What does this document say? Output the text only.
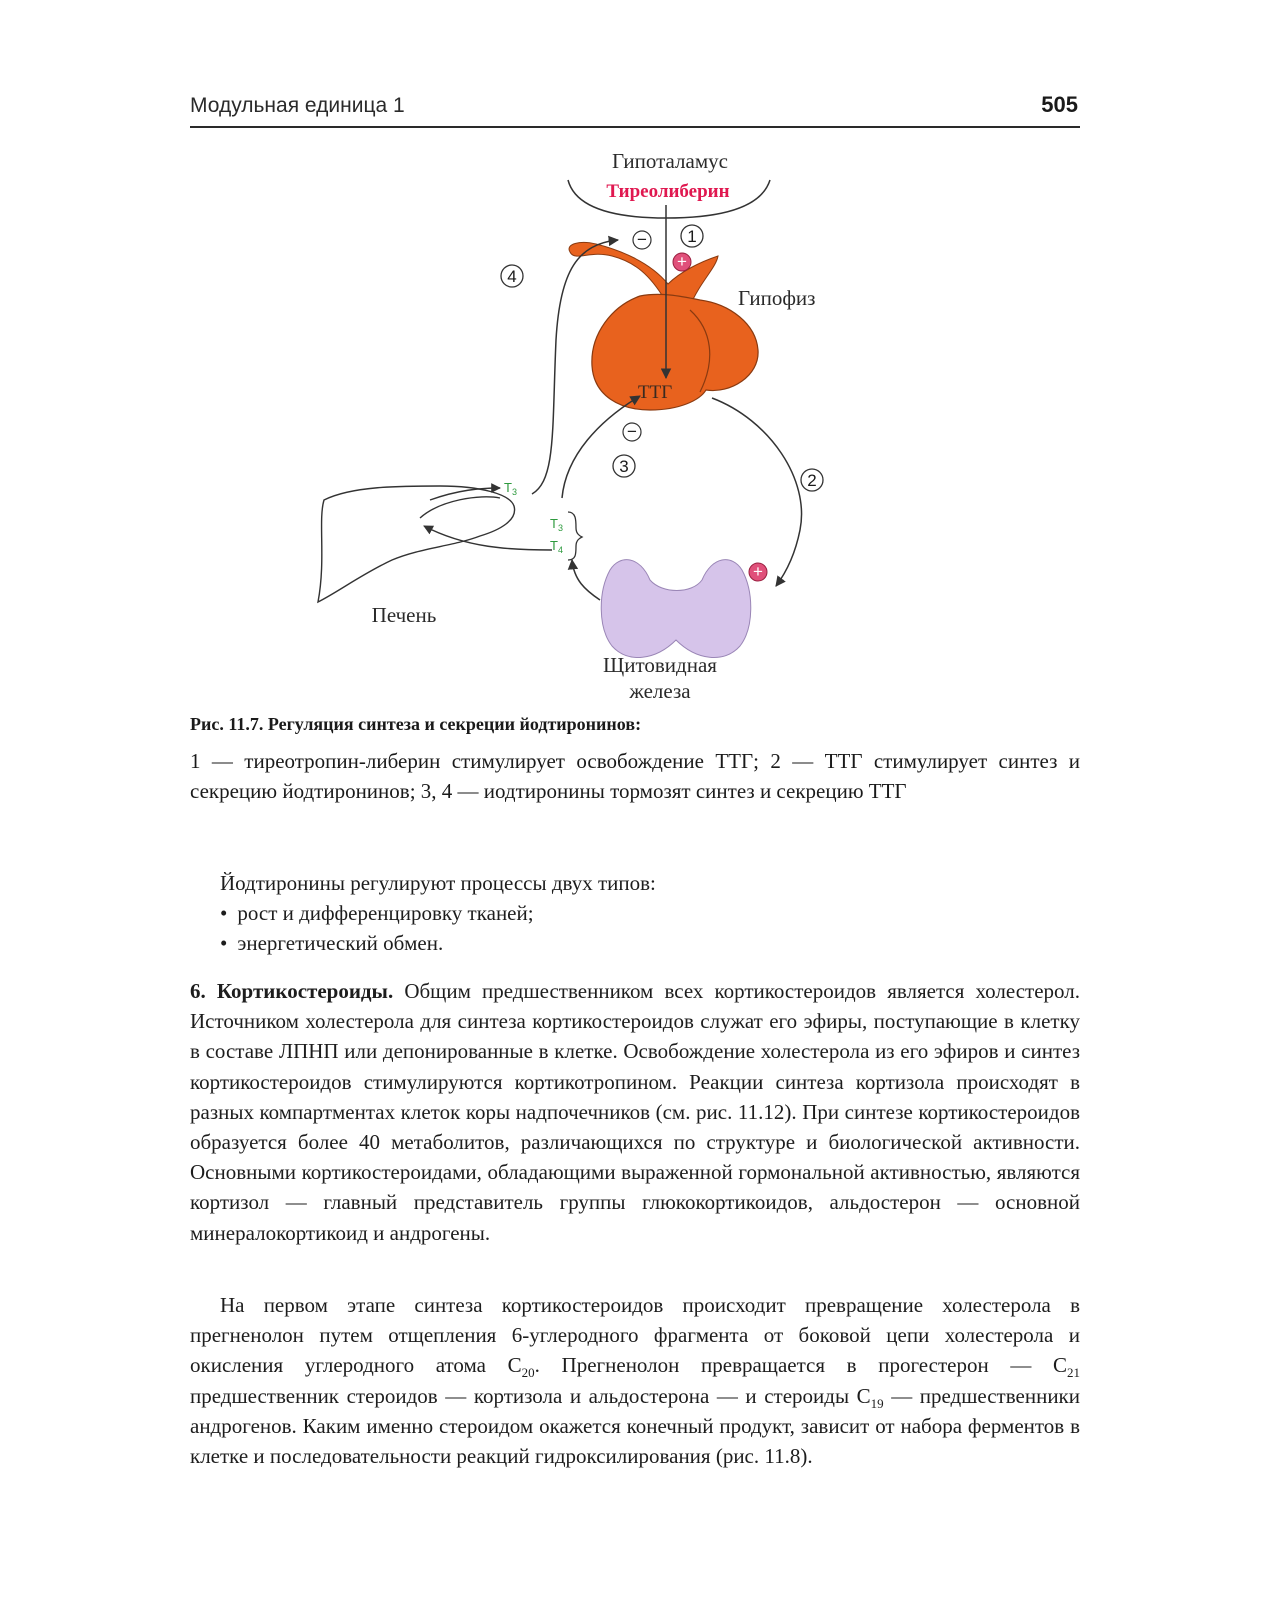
Модульная единица 1	505
Гипоталамус
Тиреолиберин
Гипофиз
ТТГ
Щитовидная
железа
Печень
$T_3$
$T_3$
$T_4$
1
2
3
4
−
−
+
+
Рис. 11.7. Регуляция синтеза и секреции йодтиронинов:
1 — тиреотропин-либерин стимулирует освобождение ТТГ; 2 — ТТГ стимулирует синтез и секрецию йодтиронинов; 3, 4 — иодтиронины тормозят синтез и секрецию ТТГ
Йодтиронины регулируют процессы двух типов:
• рост и дифференцировку тканей;
• энергетический обмен.

6. Кортикостероиды. Общим предшественником всех кортикостероидов является холестерол. Источником холестерола для синтеза кортикостероидов служат его эфиры, поступающие в клетку в составе ЛПНП или депонированные в клетке. Освобождение холестерола из его эфиров и синтез кортикостероидов стимулируются кортикотропином. Реакции синтеза кортизола происходят в разных компартментах клеток коры надпочечников (см. рис. 11.12). При синтезе кортикостероидов образуется более 40 метаболитов, различающихся по структуре и биологической активности. Основными кортикостероидами, обладающими выраженной гормональной активностью, являются кортизол — главный представитель группы глюкокортикоидов, альдостерон — основной минералокортикоид и андрогены.

На первом этапе синтеза кортикостероидов происходит превращение холестерола в прегненолон путем отщепления 6-углеродного фрагмента от боковой цепи холестерола и окисления углеродного атома $С_{20}$. Прегненолон превращается в прогестерон — $С_{21}$ предшественник стероидов — кортизола и альдостерона — и стероиды $С_{19}$ — предшественники андрогенов. Каким именно стероидом окажется конечный продукт, зависит от набора ферментов в клетке и последовательности реакций гидроксилирования (рис. 11.8).
